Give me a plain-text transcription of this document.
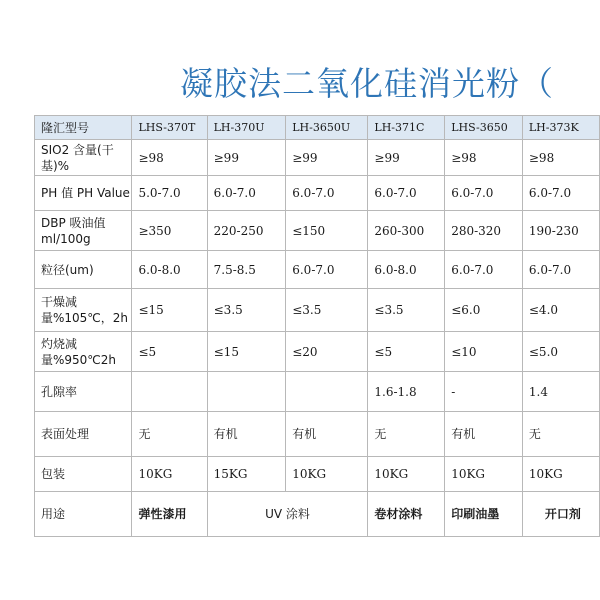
凝胶法二氧化硅消光粉（
隆汇型号	LHS-370T	LH-370U	LH-3650U	LH-371C	LHS-3650	LH-373K
SIO2 含量(干基)%	≥98	≥99	≥99	≥99	≥98	≥98
PH 值 PH Value	5.0-7.0	6.0-7.0	6.0-7.0	6.0-7.0	6.0-7.0	6.0-7.0
DBP 吸油值 ml/100g	≥350	220-250	≤150	260-300	280-320	190-230
粒径(um)	6.0-8.0	7.5-8.5	6.0-7.0	6.0-8.0	6.0-7.0	6.0-7.0
干燥减量%105℃，2h	≤15	≤3.5	≤3.5	≤3.5	≤6.0	≤4.0
灼烧减量%950℃2h	≤5	≤15	≤20	≤5	≤10	≤5.0
孔隙率				1.6-1.8	-	1.4
表面处理	无	有机	有机	无	有机	无
包装	10KG	15KG	10KG	10KG	10KG	10KG
用途	弹性漆用	UV 涂料		卷材涂料	印刷油墨	开口剂
